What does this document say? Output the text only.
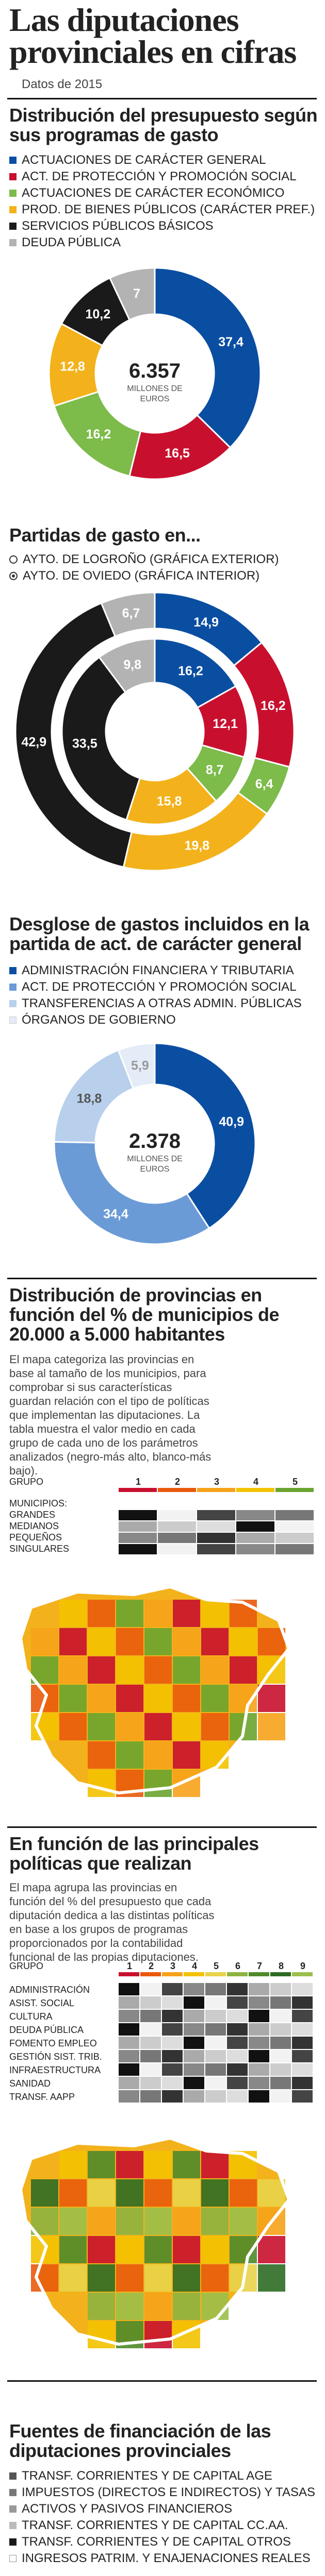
Las diputaciones provinciales en cifras
Datos de 2015
Distribución del presupuesto según sus programas de gasto
ACTUACIONES DE CARÁCTER GENERAL
ACT. DE PROTECCIÓN Y PROMOCIÓN SOCIAL
ACTUACIONES DE CARÁCTER ECONÓMICO
PROD. DE BIENES PÚBLICOS (CARÁCTER PREF.)
SERVICIOS PÚBLICOS BÁSICOS
DEUDA PÚBLICA
37,4
16,5
16,2
12,8
10,2
7
6.357
MILLONES DE
EUROS
Partidas de gasto en...
AYTO. DE LOGROÑO (GRÁFICA EXTERIOR)
AYTO. DE OVIEDO (GRÁFICA INTERIOR)
14,9
16,2
6,4
19,8
42,9
6,7
16,2
12,1
8,7
15,8
33,5
9,8
Desglose de gastos incluidos en la partida de act. de carácter general
ADMINISTRACIÓN FINANCIERA Y TRIBUTARIA
ACT. DE PROTECCIÓN Y PROMOCIÓN SOCIAL
TRANSFERENCIAS A OTRAS ADMIN. PÚBLICAS
ÓRGANOS DE GOBIERNO
40,9
34,4
18,8
5,9
2.378
MILLONES DE
EUROS
Distribución de provincias en función del % de municipios de 20.000 a 5.000 habitantes
El mapa categoriza las provincias en base al tamaño de los municipios, para comprobar si sus características guardan relación con el tipo de políticas que implementan las diputaciones. La tabla muestra el valor medio en cada grupo de cada uno de los parámetros analizados (negro-más alto, blanco-más bajo).
GRUPO	1	2	3	4	5
MUNICIPIOS:
GRANDES
MEDIANOS
PEQUEÑOS
SINGULARES
En función de las principales políticas que realizan
El mapa agrupa las provincias en función del % del presupuesto que cada diputación dedica a las distintas políticas en base a los grupos de programas proporcionados por la contabilidad funcional de las propias diputaciones.
GRUPO	1 2 3 4 5 6 7 8 9
ADMINISTRACIÓN
ASIST. SOCIAL
CULTURA
DEUDA PÚBLICA
FOMENTO EMPLEO
GESTIÓN SIST. TRIB.
INFRAESTRUCTURA
SANIDAD
TRANSF. AAPP
Fuentes de financiación de las diputaciones provinciales
TRANSF. CORRIENTES Y DE CAPITAL AGE
IMPUESTOS (DIRECTOS E INDIRECTOS) Y TASAS
ACTIVOS Y PASIVOS FINANCIEROS
TRANSF. CORRIENTES Y DE CAPITAL CC.AA.
TRANSF. CORRIENTES Y DE CAPITAL OTROS
INGRESOS PATRIM. Y ENAJENACIONES REALES
